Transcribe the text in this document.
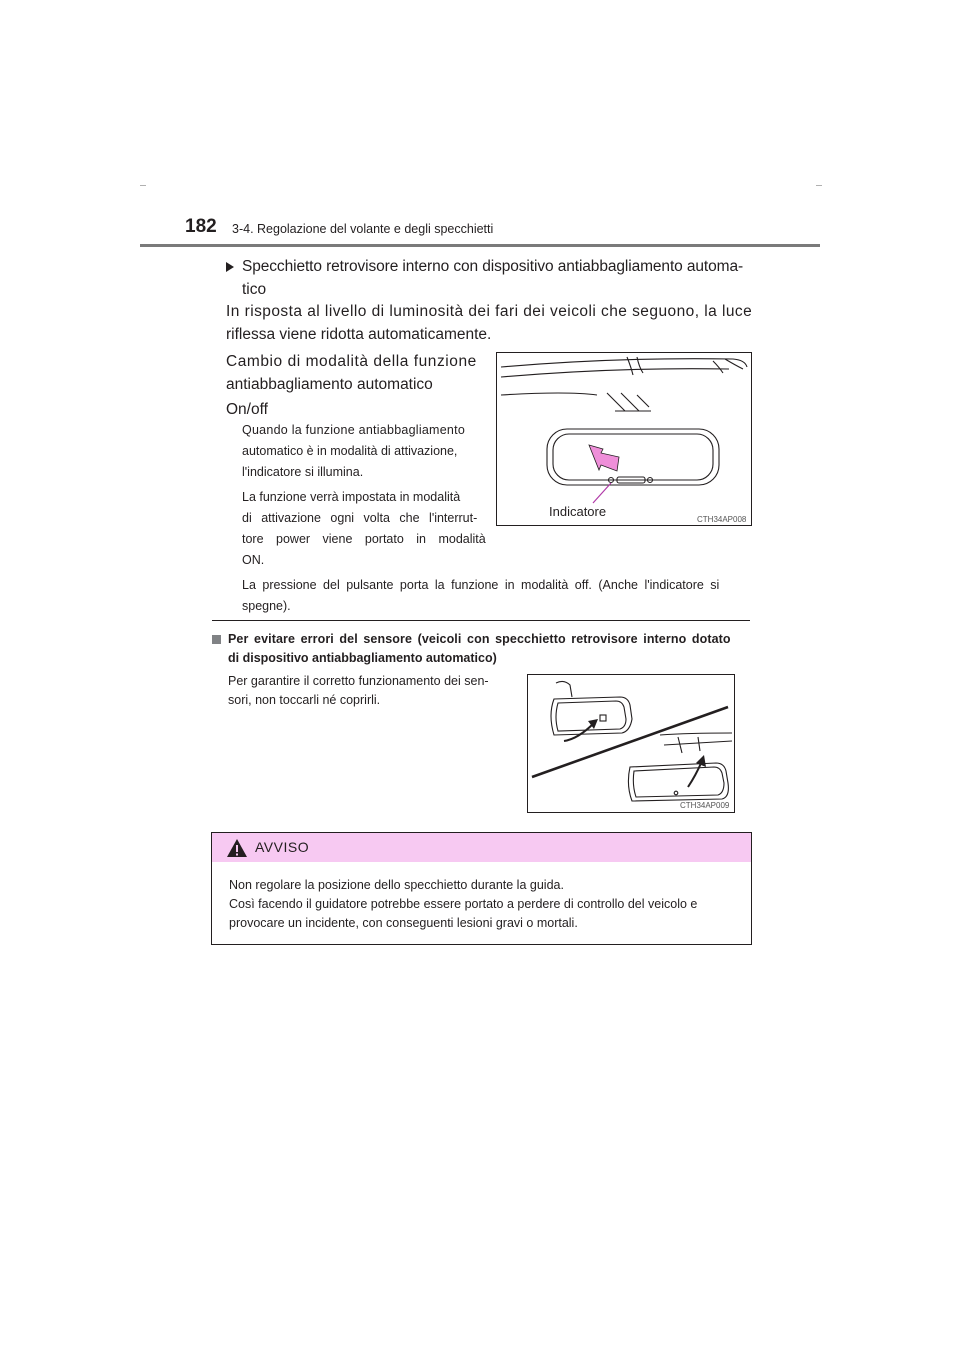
182 3-4. Regolazione del volante e degli specchietti
Specchietto retrovisore interno con dispositivo antiabbagliamento automa-
tico
In risposta al livello di luminosità dei fari dei veicoli che seguono, la luce
riflessa viene ridotta automaticamente.
Cambio di modalità della funzione
antiabbagliamento automatico
On/off
Quando la funzione antiabbagliamento
automatico è in modalità di attivazione,
l'indicatore si illumina.
La funzione verrà impostata in modalità
di attivazione ogni volta che l'interrut-
tore power viene portato in modalità
ON.
La pressione del pulsante porta la funzione in modalità off. (Anche l'indicatore si
spegne).
Indicatore
CTH34AP008
Per evitare errori del sensore (veicoli con specchietto retrovisore interno dotato
di dispositivo antiabbagliamento automatico)
Per garantire il corretto funzionamento dei sen-
sori, non toccarli né coprirli.
CTH34AP009
AVVISO
Non regolare la posizione dello specchietto durante la guida.
Così facendo il guidatore potrebbe essere portato a perdere di controllo del veicolo e
provocare un incidente, con conseguenti lesioni gravi o mortali.
